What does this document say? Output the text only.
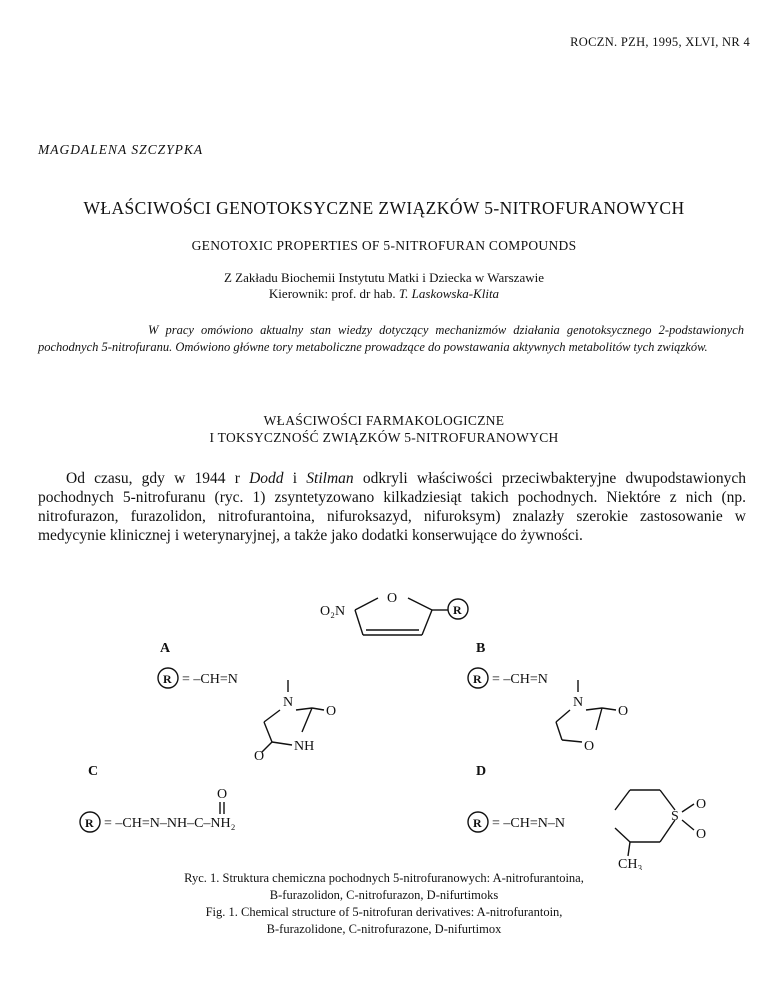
ROCZN. PZH, 1995, XLVI, NR 4
MAGDALENA SZCZYPKA
WŁAŚCIWOŚCI GENOTOKSYCZNE ZWIĄZKÓW 5-NITROFURANOWYCH
GENOTOXIC PROPERTIES OF 5-NITROFURAN COMPOUNDS
Z Zakładu Biochemii Instytutu Matki i Dziecka w Warszawie
Kierownik: prof. dr hab. T. Laskowska-Klita
W pracy omówiono aktualny stan wiedzy dotyczący mechanizmów działania genotoksycznego 2-podstawionych pochodnych 5-nitrofuranu. Omówiono główne tory metaboliczne prowadzące do powstawania aktywnych metabolitów tych związków.
WŁAŚCIWOŚCI FARMAKOLOGICZNE
I TOKSYCZNOŚĆ ZWIĄZKÓW 5-NITROFURANOWYCH
Od czasu, gdy w 1944 r Dodd i Stilman odkryli właściwości przeciwbakteryjne dwupodstawionych pochodnych 5-nitrofuranu (ryc. 1) zsyntetyzowano kilkadziesiąt takich pochodnych. Niektóre z nich (np. nitrofurazon, furazolidon, nitrofurantoina, nifuroksazyd, nifuroksym) znalazły szerokie zastosowanie w medycynie klinicznej i weterynaryjnej, a także jako dodatki konserwujące do żywności.
O₂N
O
R
A
R = –CH=N
N
O
O
NH
B
R = –CH=N
N
O
O
C
O
R = –CH=N–NH–C–NH₂
D
R = –CH=N–N	S
O
O
CH₃
Ryc. 1. Struktura chemiczna pochodnych 5-nitrofuranowych: A-nitrofurantoina,
B-furazolidon, C-nitrofurazon, D-nifurtimoks
Fig. 1. Chemical structure of 5-nitrofuran derivatives: A-nitrofurantoin,
B-furazolidone, C-nitrofurazone, D-nifurtimox
